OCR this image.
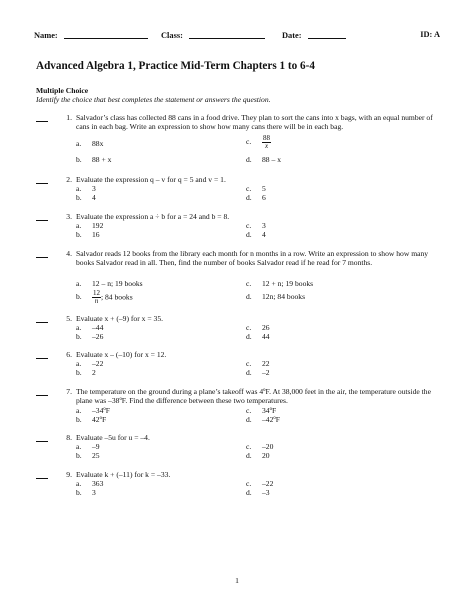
Name:	Class:	Date:	ID: A
Advanced Algebra 1, Practice Mid-Term Chapters 1 to 6-4
Multiple Choice
Identify the choice that best completes the statement or answers the question.
1. Salvador’s class has collected 88 cans in a food drive. They plan to sort the cans into x bags, with an equal number of cans in each bag. Write an expression to show how many cans there will be in each bag.
a. 88x	c. $\frac{88}{x}$
b. 88 + x	d. 88 – x
2. Evaluate the expression q – v for q = 5 and v = 1.
a. 3	c. 5
b. 4	d. 6
3. Evaluate the expression a ÷ b for a = 24 and b = 8.
a. 192	c. 3
b. 16	d. 4
4. Salvador reads 12 books from the library each month for n months in a row. Write an expression to show how many books Salvador read in all. Then, find the number of books Salvador read if he read for 7 months.
a. 12 – n; 19 books	c. 12 + n; 19 books
b. $\frac{12}{n}$ ; 84 books	d. 12n; 84 books
5. Evaluate x + (–9) for x = 35.
a. –44	c. 26
b. –26	d. 44
6. Evaluate x – (–10) for x = 12.
a. –22	c. 22
b. 2	d. –2
7. The temperature on the ground during a plane’s takeoff was 4ºF. At 38,000 feet in the air, the temperature outside the plane was –38ºF. Find the difference between these two temperatures.
a. –34ºF	c. 34ºF
b. 42ºF	d. –42ºF
8. Evaluate –5u for u = –4.
a. –9	c. –20
b. 25	d. 20
9. Evaluate k + (–11) for k = –33.
a. 363	c. –22
b. 3	d. –3
1
